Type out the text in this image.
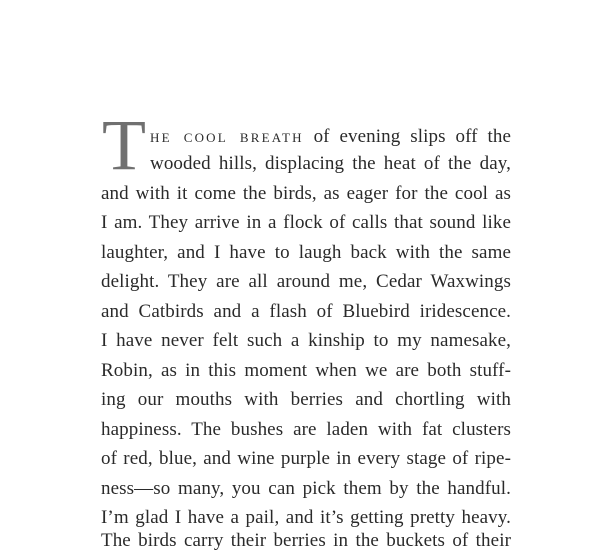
T he cool breath of evening slips off the
wooded hills, displacing the heat of the day,
and with it come the birds, as eager for the cool as
I am. They arrive in a flock of calls that sound like
laughter, and I have to laugh back with the same
delight. They are all around me, Cedar Waxwings
and Catbirds and a flash of Bluebird iridescence.
I have never felt such a kinship to my namesake,
Robin, as in this moment when we are both stuff-
ing our mouths with berries and chortling with
happiness. The bushes are laden with fat clusters
of red, blue, and wine purple in every stage of ripe-
ness—so many, you can pick them by the handful.
I’m glad I have a pail, and it’s getting pretty heavy.
The birds carry their berries in the buckets of their
